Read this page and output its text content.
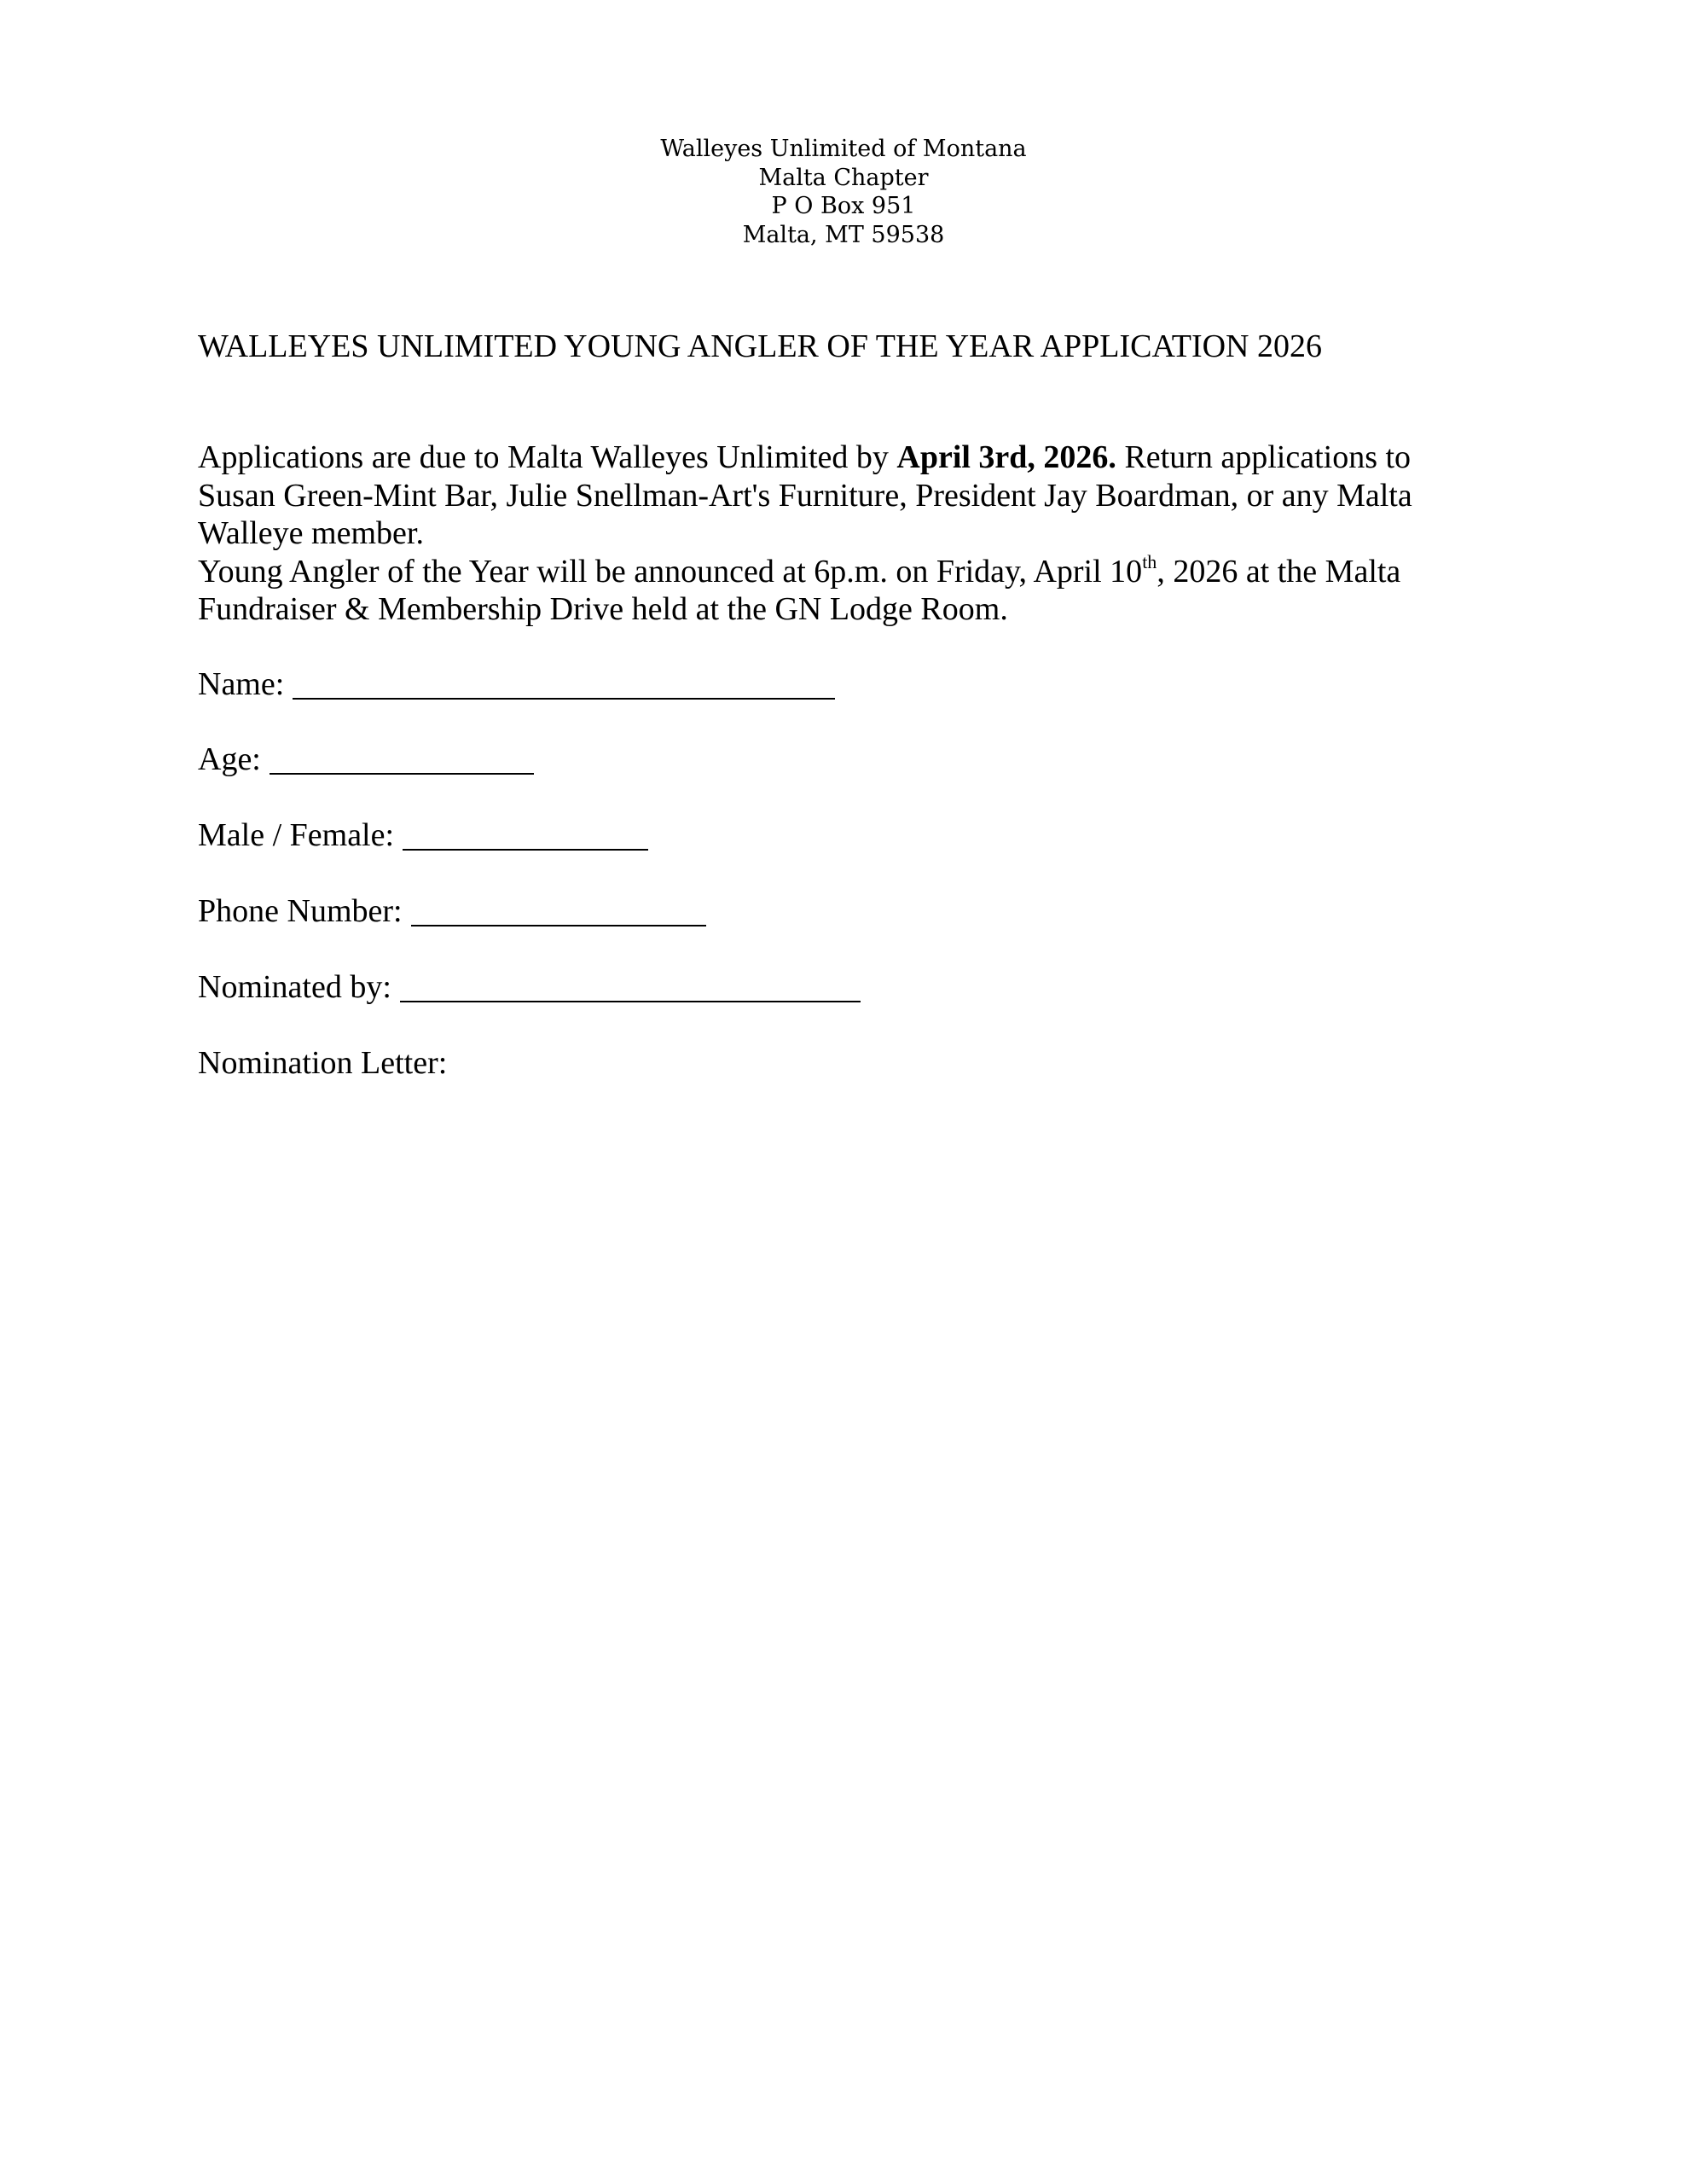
Walleyes Unlimited of Montana
Malta Chapter
P O Box 951
Malta, MT 59538
WALLEYES UNLIMITED YOUNG ANGLER OF THE YEAR APPLICATION 2026
Applications are due to Malta Walleyes Unlimited by April 3rd, 2026. Return applications to
Susan Green-Mint Bar, Julie Snellman-Art's Furniture, President Jay Boardman, or any Malta
Walleye member.
Young Angler of the Year will be announced at 6p.m. on Friday, April 10th, 2026 at the Malta
Fundraiser & Membership Drive held at the GN Lodge Room.
Name:
Age:
Male / Female:
Phone Number:
Nominated by:
Nomination Letter:
